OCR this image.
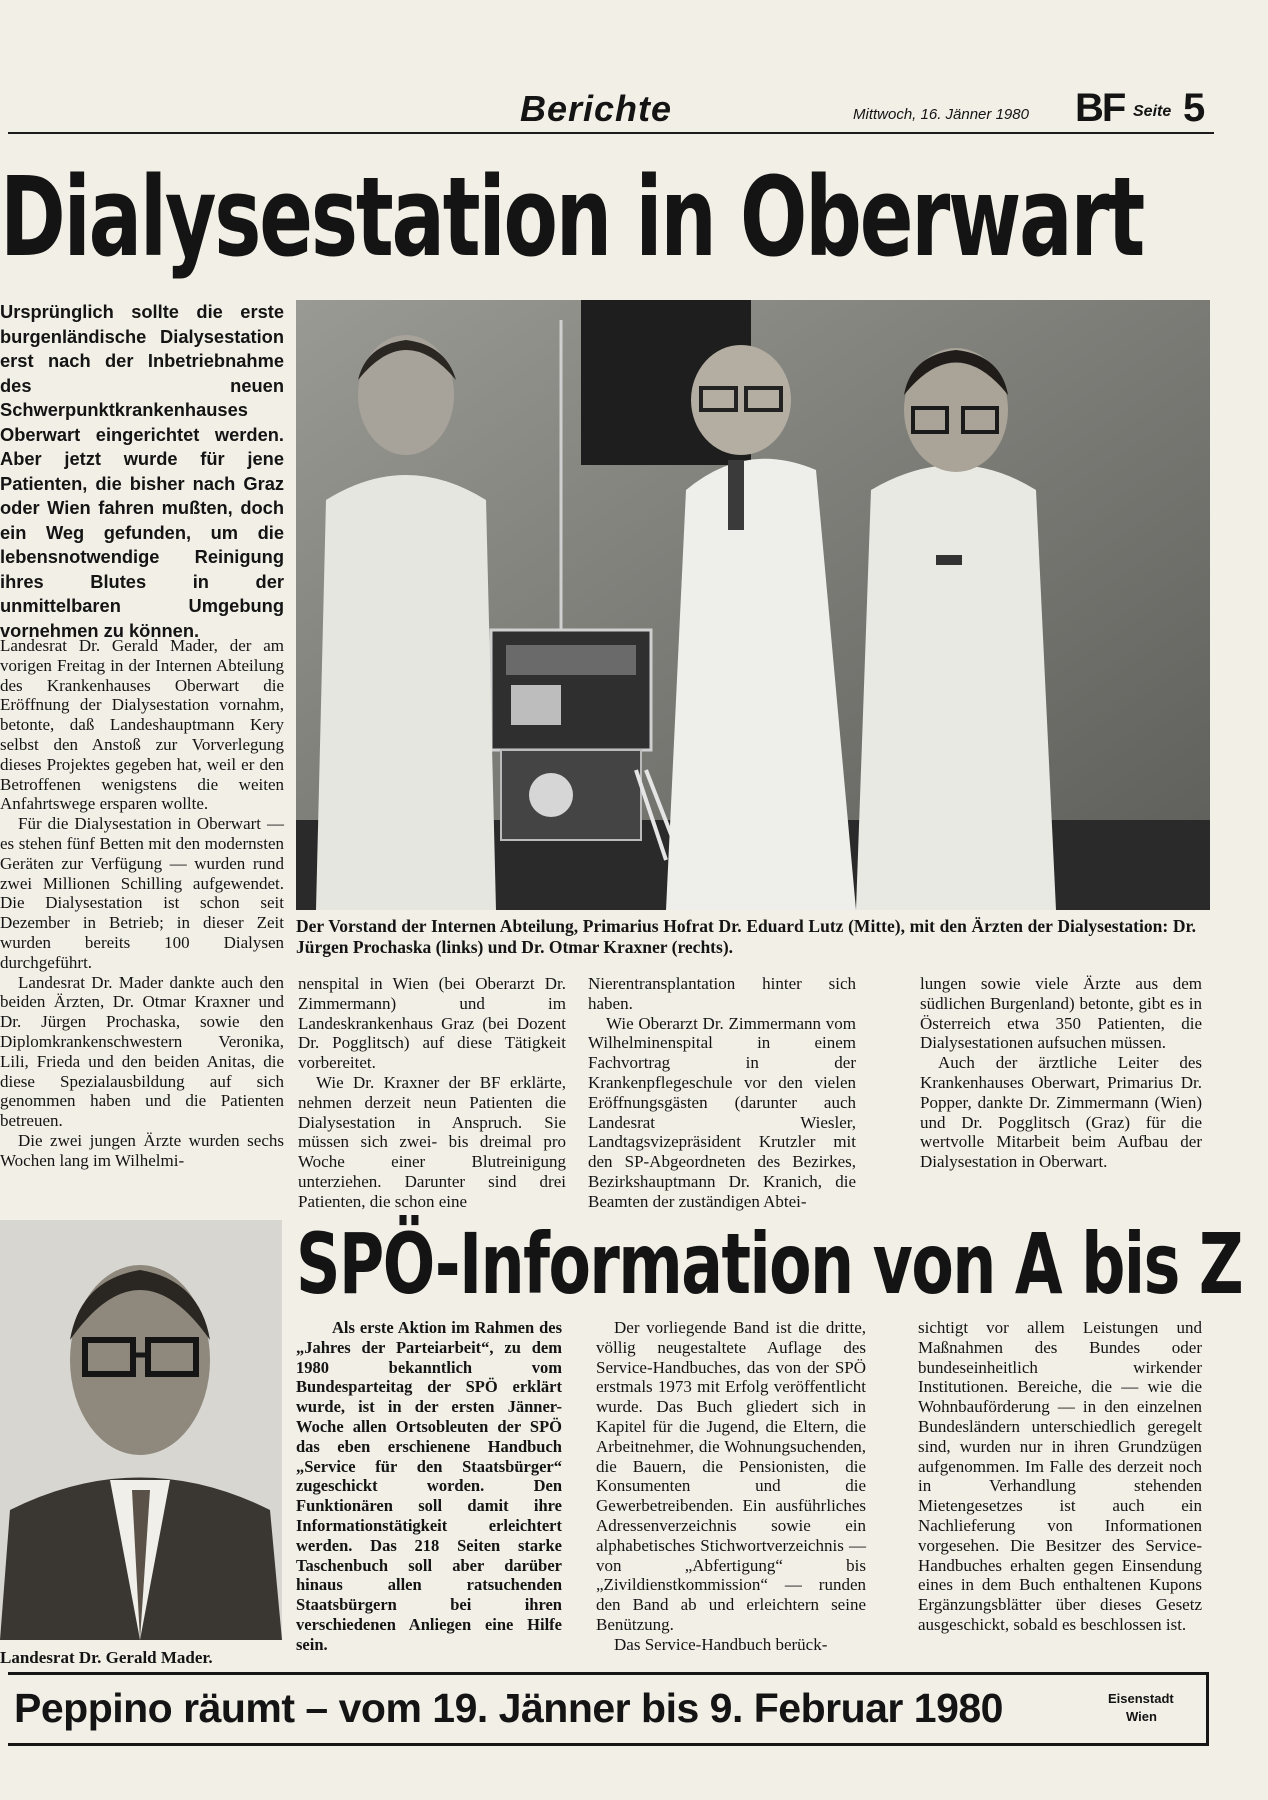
Berichte	Mittwoch, 16. Jänner 1980 BF Seite 5
Dialysestation in Oberwart
Ursprünglich sollte die erste burgenländische Dialysestation erst nach der Inbetriebnahme des neuen Schwerpunktkrankenhauses Oberwart eingerichtet werden. Aber jetzt wurde für jene Patienten, die bisher nach Graz oder Wien fahren mußten, doch ein Weg gefunden, um die lebensnotwendige Reinigung ihres Blutes in der unmittelbaren Umgebung vornehmen zu können.

Landesrat Dr. Gerald Mader, der am vorigen Freitag in der Internen Abteilung des Krankenhauses Oberwart die Eröffnung der Dialysestation vornahm, betonte, daß Landeshauptmann Kery selbst den Anstoß zur Vorverlegung dieses Projektes gegeben hat, weil er den Betroffenen wenigstens die weiten Anfahrtswege ersparen wollte.

Für die Dialysestation in Oberwart — es stehen fünf Betten mit den modernsten Geräten zur Verfügung — wurden rund zwei Millionen Schilling aufgewendet. Die Dialysestation ist schon seit Dezember in Betrieb; in dieser Zeit wurden bereits 100 Dialysen durchgeführt.

Landesrat Dr. Mader dankte auch den beiden Ärzten, Dr. Otmar Kraxner und Dr. Jürgen Prochaska, sowie den Diplomkrankenschwestern Veronika, Lili, Frieda und den beiden Anitas, die diese Spezialausbildung auf sich genommen haben und die Patienten betreuen.

Die zwei jungen Ärzte wurden sechs Wochen lang im Wilhelmi-

Der Vorstand der Internen Abteilung, Primarius Hofrat Dr. Eduard Lutz (Mitte), mit den Ärzten der Dialysestation: Dr. Jürgen Prochaska (links) und Dr. Otmar Kraxner (rechts).

nenspital in Wien (bei Oberarzt Dr. Zimmermann) und im Landeskrankenhaus Graz (bei Dozent Dr. Pogglitsch) auf diese Tätigkeit vorbereitet.

Wie Dr. Kraxner der BF erklärte, nehmen derzeit neun Patienten die Dialysestation in Anspruch. Sie müssen sich zwei- bis dreimal pro Woche einer Blutreinigung unterziehen. Darunter sind drei Patienten, die schon eine

Nierentransplantation hinter sich haben.

Wie Oberarzt Dr. Zimmermann vom Wilhelminenspital in einem Fachvortrag in der Krankenpflegeschule vor den vielen Eröffnungsgästen (darunter auch Landesrat Wiesler, Landtagsvizepräsident Krutzler mit den SP-Abgeordneten des Bezirkes, Bezirkshauptmann Dr. Kranich, die Beamten der zuständigen Abtei-

lungen sowie viele Ärzte aus dem südlichen Burgenland) betonte, gibt es in Österreich etwa 350 Patienten, die Dialysestationen aufsuchen müssen.

Auch der ärztliche Leiter des Krankenhauses Oberwart, Primarius Dr. Popper, dankte Dr. Zimmermann (Wien) und Dr. Pogglitsch (Graz) für die wertvolle Mitarbeit beim Aufbau der Dialysestation in Oberwart.

Landesrat Dr. Gerald Mader.
SPÖ-Information von A bis Z

Als erste Aktion im Rahmen des „Jahres der Parteiarbeit“, zu dem 1980 bekanntlich vom Bundesparteitag der SPÖ erklärt wurde, ist in der ersten Jänner-Woche allen Ortsobleuten der SPÖ das eben erschienene Handbuch „Service für den Staatsbürger“ zugeschickt worden. Den Funktionären soll damit ihre Informationstätigkeit erleichtert werden. Das 218 Seiten starke Taschenbuch soll aber darüber hinaus allen ratsuchenden Staatsbürgern bei ihren verschiedenen Anliegen eine Hilfe sein.

Der vorliegende Band ist die dritte, völlig neugestaltete Auflage des Service-Handbuches, das von der SPÖ erstmals 1973 mit Erfolg veröffentlicht wurde. Das Buch gliedert sich in Kapitel für die Jugend, die Eltern, die Arbeitnehmer, die Wohnungsuchenden, die Bauern, die Pensionisten, die Konsumenten und die Gewerbetreibenden. Ein ausführliches Adressenverzeichnis sowie ein alphabetisches Stichwortverzeichnis — von „Abfertigung“ bis „Zivildienstkommission“ — runden den Band ab und erleichtern seine Benützung.

Das Service-Handbuch berück-

sichtigt vor allem Leistungen und Maßnahmen des Bundes oder bundeseinheitlich wirkender Institutionen. Bereiche, die — wie die Wohnbauförderung — in den einzelnen Bundesländern unterschiedlich geregelt sind, wurden nur in ihren Grundzügen aufgenommen. Im Falle des derzeit noch in Verhandlung stehenden Mietengesetzes ist auch ein Nachlieferung von Informationen vorgesehen. Die Besitzer des Service-Handbuches erhalten gegen Einsendung eines in dem Buch enthaltenen Kupons Ergänzungsblätter über dieses Gesetz ausgeschickt, sobald es beschlossen ist.

Peppino räumt – vom 19. Jänner bis 9. Februar 1980	Eisenstadt
Wien
